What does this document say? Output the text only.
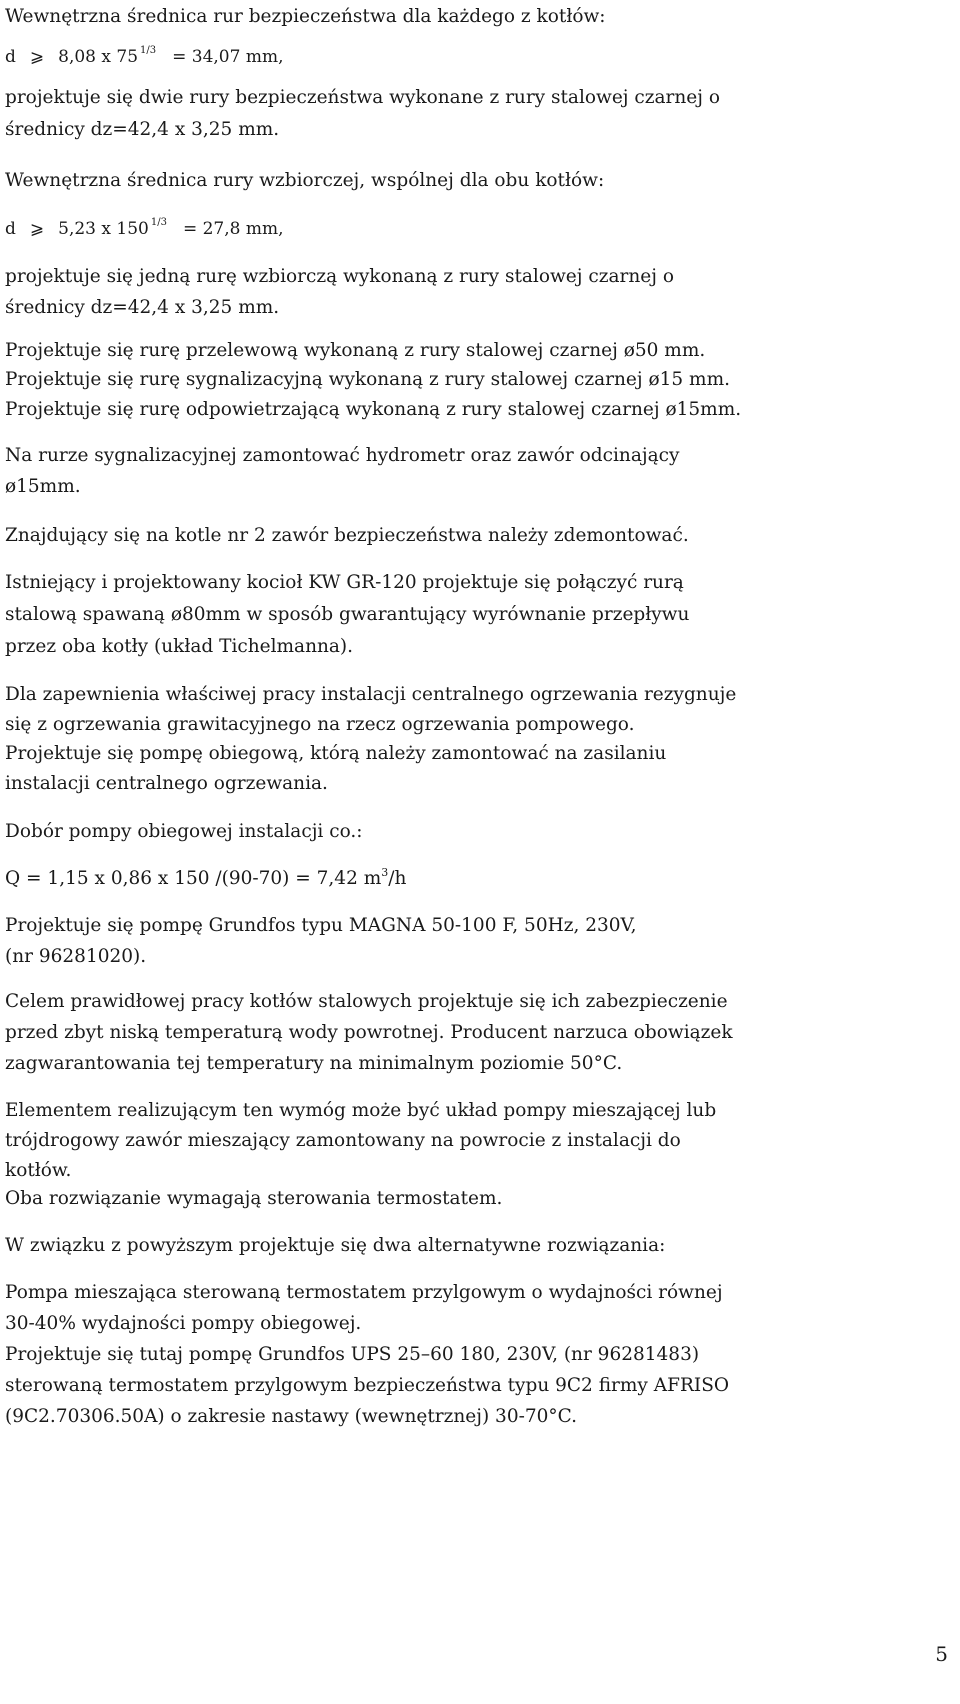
Wewnętrzna średnica rur bezpieczeństwa dla każdego z kotłów:

d ⩾ 8,08 x 75 $^{1/3}$ = 34,07 mm,

projektuje się dwie rury bezpieczeństwa wykonane z rury stalowej czarnej o

średnicy dz=42,4 x 3,25 mm.

Wewnętrzna średnica rury wzbiorczej, wspólnej dla obu kotłów:

d ⩾ 5,23 x 150 $^{1/3}$ = 27,8 mm,

projektuje się jedną rurę wzbiorczą wykonaną z rury stalowej czarnej o

średnicy dz=42,4 x 3,25 mm.

Projektuje się rurę przelewową wykonaną z rury stalowej czarnej ø50 mm.

Projektuje się rurę sygnalizacyjną wykonaną z rury stalowej czarnej ø15 mm.

Projektuje się rurę odpowietrzającą wykonaną z rury stalowej czarnej ø15mm.

Na rurze sygnalizacyjnej zamontować hydrometr oraz zawór odcinający

ø15mm.

Znajdujący się na kotle nr 2 zawór bezpieczeństwa należy zdemontować.

Istniejący i projektowany kocioł KW GR-120 projektuje się połączyć rurą

stalową spawaną ø80mm w sposób gwarantujący wyrównanie przepływu

przez oba kotły (układ Tichelmanna).

Dla zapewnienia właściwej pracy instalacji centralnego ogrzewania rezygnuje

się z ogrzewania grawitacyjnego na rzecz ogrzewania pompowego.

Projektuje się pompę obiegową, którą należy zamontować na zasilaniu

instalacji centralnego ogrzewania.

Dobór pompy obiegowej instalacji co.:

Q = 1,15 x 0,86 x 150 /(90-70) = 7,42 $m^3/h$

Projektuje się pompę Grundfos typu MAGNA 50-100 F, 50Hz, 230V,

(nr 96281020).

Celem prawidłowej pracy kotłów stalowych projektuje się ich zabezpieczenie

przed zbyt niską temperaturą wody powrotnej. Producent narzuca obowiązek

zagwarantowania tej temperatury na minimalnym poziomie 50°C.

Elementem realizującym ten wymóg może być układ pompy mieszającej lub

trójdrogowy zawór mieszający zamontowany na powrocie z instalacji do

kotłów.

Oba rozwiązanie wymagają sterowania termostatem.

W związku z powyższym projektuje się dwa alternatywne rozwiązania:

Pompa mieszająca sterowaną termostatem przylgowym o wydajności równej

30-40% wydajności pompy obiegowej.

Projektuje się tutaj pompę Grundfos UPS 25–60 180, 230V, (nr 96281483)

sterowaną termostatem przylgowym bezpieczeństwa typu 9C2 firmy AFRISO

(9C2.70306.50A) o zakresie nastawy (wewnętrznej) 30-70°C.

5
